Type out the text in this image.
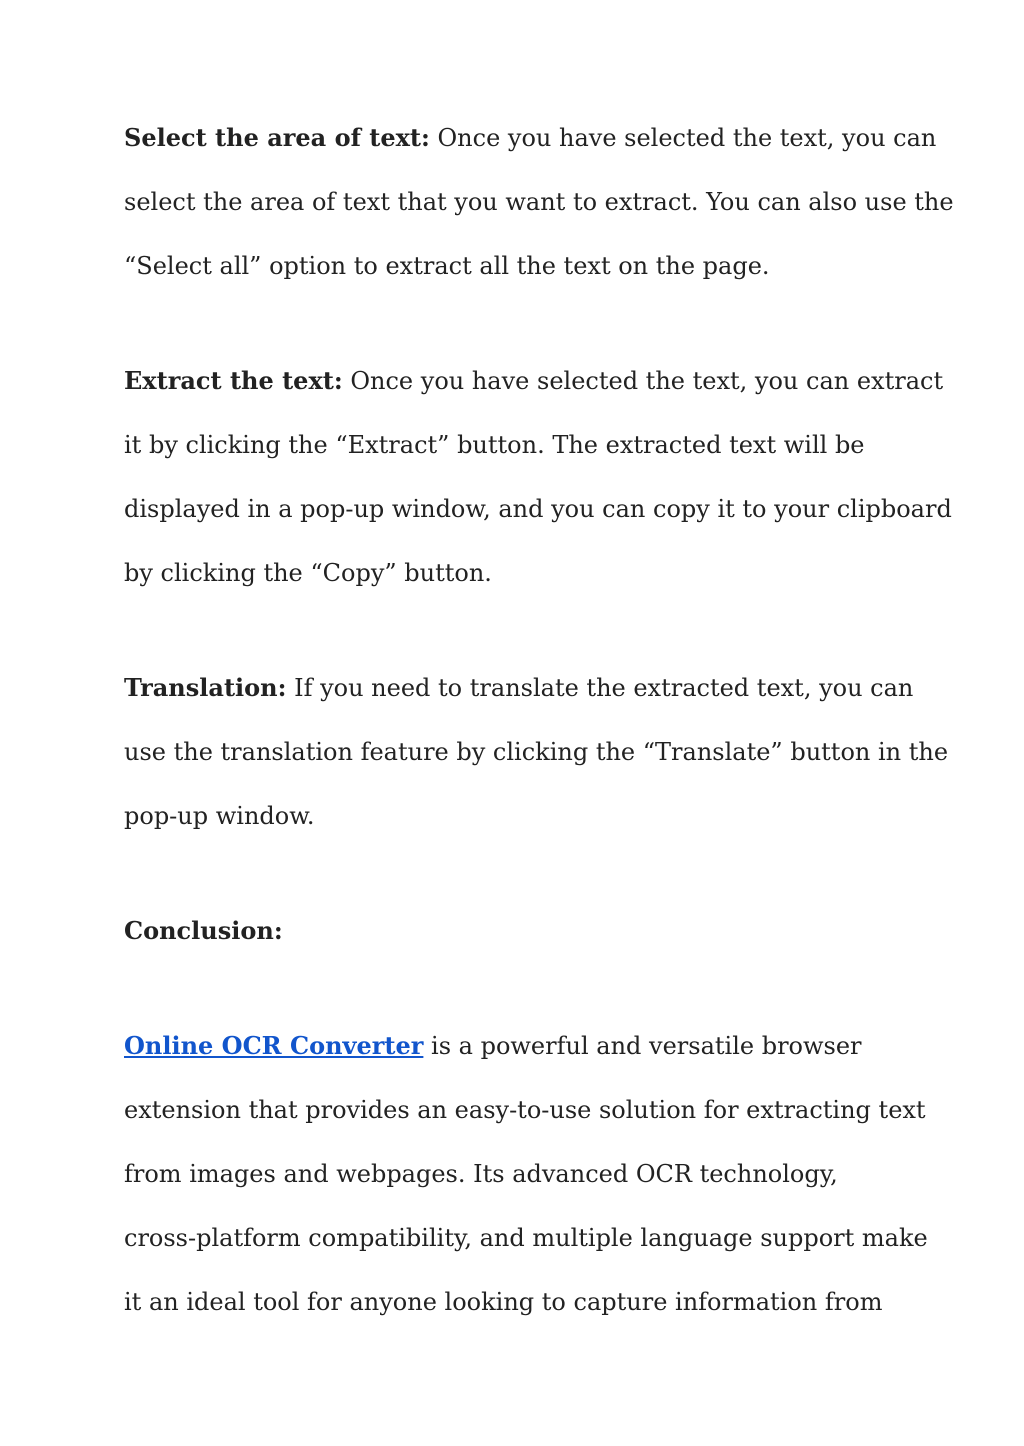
Select the area of text: Once you have selected the text, you can
select the area of text that you want to extract. You can also use the
“Select all” option to extract all the text on the page.

Extract the text: Once you have selected the text, you can extract
it by clicking the “Extract” button. The extracted text will be
displayed in a pop-up window, and you can copy it to your clipboard
by clicking the “Copy” button.

Translation: If you need to translate the extracted text, you can
use the translation feature by clicking the “Translate” button in the
pop-up window.

Conclusion:

Online OCR Converter is a powerful and versatile browser
extension that provides an easy-to-use solution for extracting text
from images and webpages. Its advanced OCR technology,
cross-platform compatibility, and multiple language support make
it an ideal tool for anyone looking to capture information from
